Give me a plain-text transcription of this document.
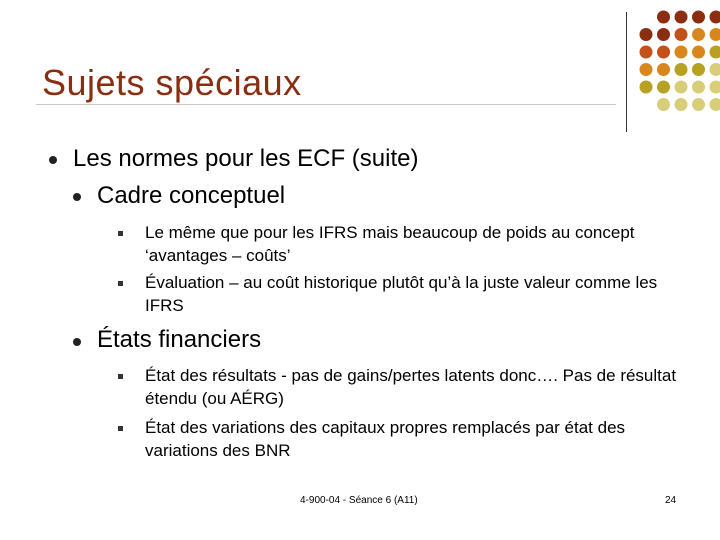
Sujets spéciaux
Les normes pour les ECF (suite)
Cadre conceptuel
Le même que pour les IFRS mais beaucoup de poids au concept ‘avantages – coûts’
Évaluation – au coût historique plutôt qu’à la juste valeur comme les IFRS
États financiers
État des résultats - pas de gains/pertes latents donc…. Pas de résultat étendu (ou AÉRG)
État des variations des capitaux propres remplacés par état des variations des BNR
4-900-04 - Séance 6 (A11)	24
